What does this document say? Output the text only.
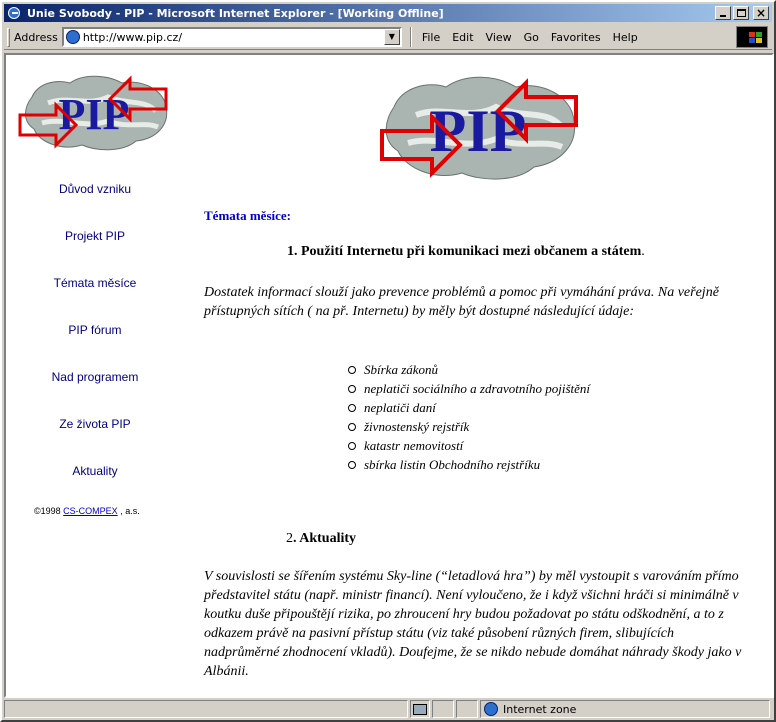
Unie Svobody - PIP - Microsoft Internet Explorer - [Working Offline]	×
Address http://www.pip.cz/	▼	File	Edit	View	Go	Favorites	Help
PIP
Důvod vzniku
Projekt PIP
Témata měsíce
PIP fórum
Nad programem
Ze života PIP
Aktuality
©1998 CS-COMPEX , a.s.
PIP
Témata měsíce:
1. Použití Internetu při komunikaci mezi občanem a státem.
Dostatek informací slouží jako prevence problémů a pomoc při vymáhání práva. Na veřejně přístupných sítích ( na př. Internetu) by měly být dostupné následující údaje:
Sbírka zákonů
neplatiči sociálního a zdravotního pojištění
neplatiči daní
živnostenský rejstřík
katastr nemovitostí
sbírka listin Obchodního rejstříku
2. Aktuality
V souvislosti se šířením systému Sky-line (“letadlová hra”) by měl vystoupit s varováním přímo představitel státu (např. ministr financí). Není vyloučeno, že i když všichni hráči si minimálně v koutku duše připouštějí rizika, po zhroucení hry budou požadovat po státu odškodnění, a to z odkazem právě na pasivní přístup státu (viz také působení různých firem, slibujících nadprůměrné zhodnocení vkladů). Doufejme, že se nikdo nebude domáhat náhrady škody jako v Albánii.
Internet zone
